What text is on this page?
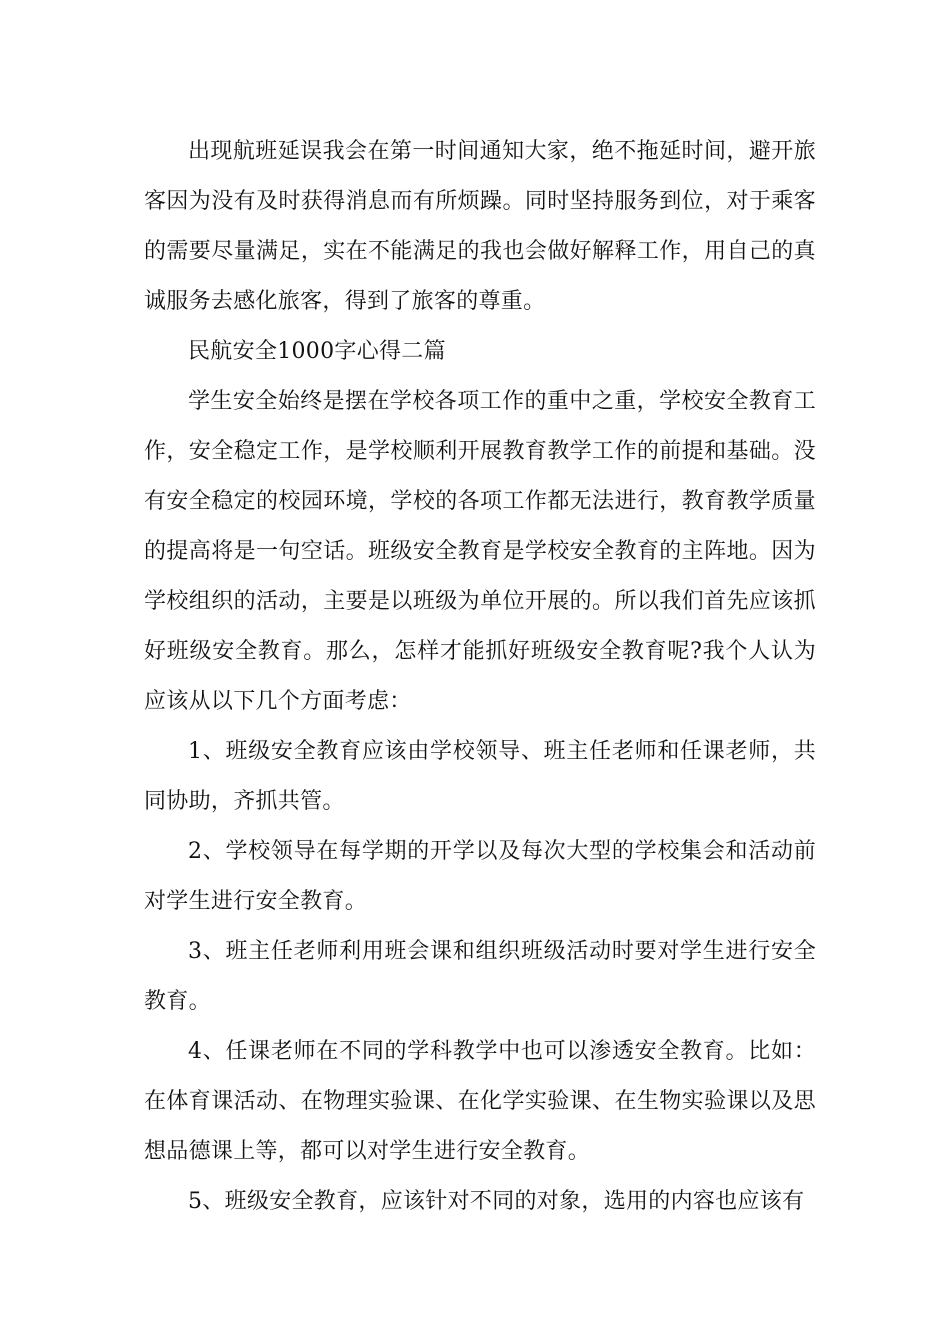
出现航班延误我会在第一时间通知大家，绝不拖延时间，避开旅客因为没有及时获得消息而有所烦躁。同时坚持服务到位，对于乘客的需要尽量满足，实在不能满足的我也会做好解释工作，用自己的真诚服务去感化旅客，得到了旅客的尊重。

民航安全1000字心得二篇

学生安全始终是摆在学校各项工作的重中之重，学校安全教育工作，安全稳定工作，是学校顺利开展教育教学工作的前提和基础。没有安全稳定的校园环境，学校的各项工作都无法进行，教育教学质量的提高将是一句空话。班级安全教育是学校安全教育的主阵地。因为学校组织的活动，主要是以班级为单位开展的。所以我们首先应该抓好班级安全教育。那么，怎样才能抓好班级安全教育呢?我个人认为应该从以下几个方面考虑：

1、班级安全教育应该由学校领导、班主任老师和任课老师，共同协助，齐抓共管。

2、学校领导在每学期的开学以及每次大型的学校集会和活动前对学生进行安全教育。

3、班主任老师利用班会课和组织班级活动时要对学生进行安全教育。

4、任课老师在不同的学科教学中也可以渗透安全教育。比如：在体育课活动、在物理实验课、在化学实验课、在生物实验课以及思想品德课上等，都可以对学生进行安全教育。

5、班级安全教育，应该针对不同的对象，选用的内容也应该有
